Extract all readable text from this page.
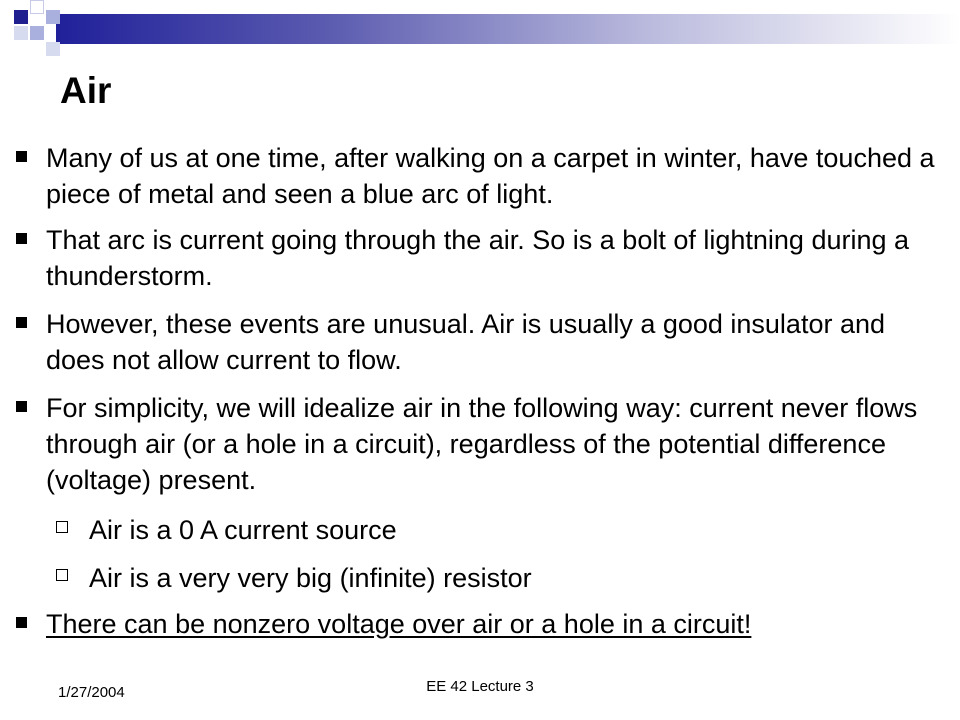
Air
Many of us at one time, after walking on a carpet in winter, have touched a piece of metal and seen a blue arc of light.
That arc is current going through the air. So is a bolt of lightning during a thunderstorm.
However, these events are unusual. Air is usually a good insulator and does not allow current to flow.
For simplicity, we will idealize air in the following way: current never flows through air (or a hole in a circuit), regardless of the potential difference (voltage) present.
Air is a 0 A current source
Air is a very very big (infinite) resistor
There can be nonzero voltage over air or a hole in a circuit!
1/27/2004	EE 42 Lecture 3
